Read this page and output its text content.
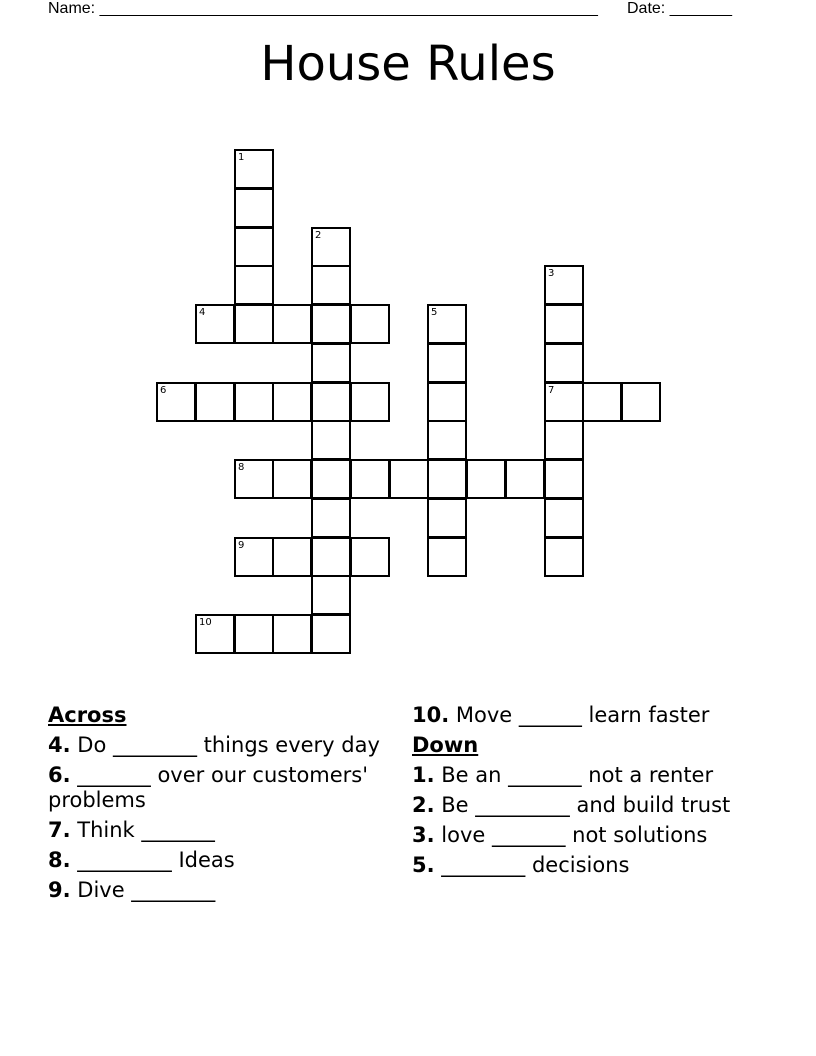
Name: ________________________________________________________ Date: _______
House Rules
1
2
3
4	5
6	7
8
9
10
Across
4. Do ________ things every day
6. _______ over our customers' problems
7. Think _______
8. _________ Ideas
9. Dive ________
10. Move ______ learn faster
Down
1. Be an _______ not a renter
2. Be _________ and build trust
3. love _______ not solutions
5. ________ decisions
